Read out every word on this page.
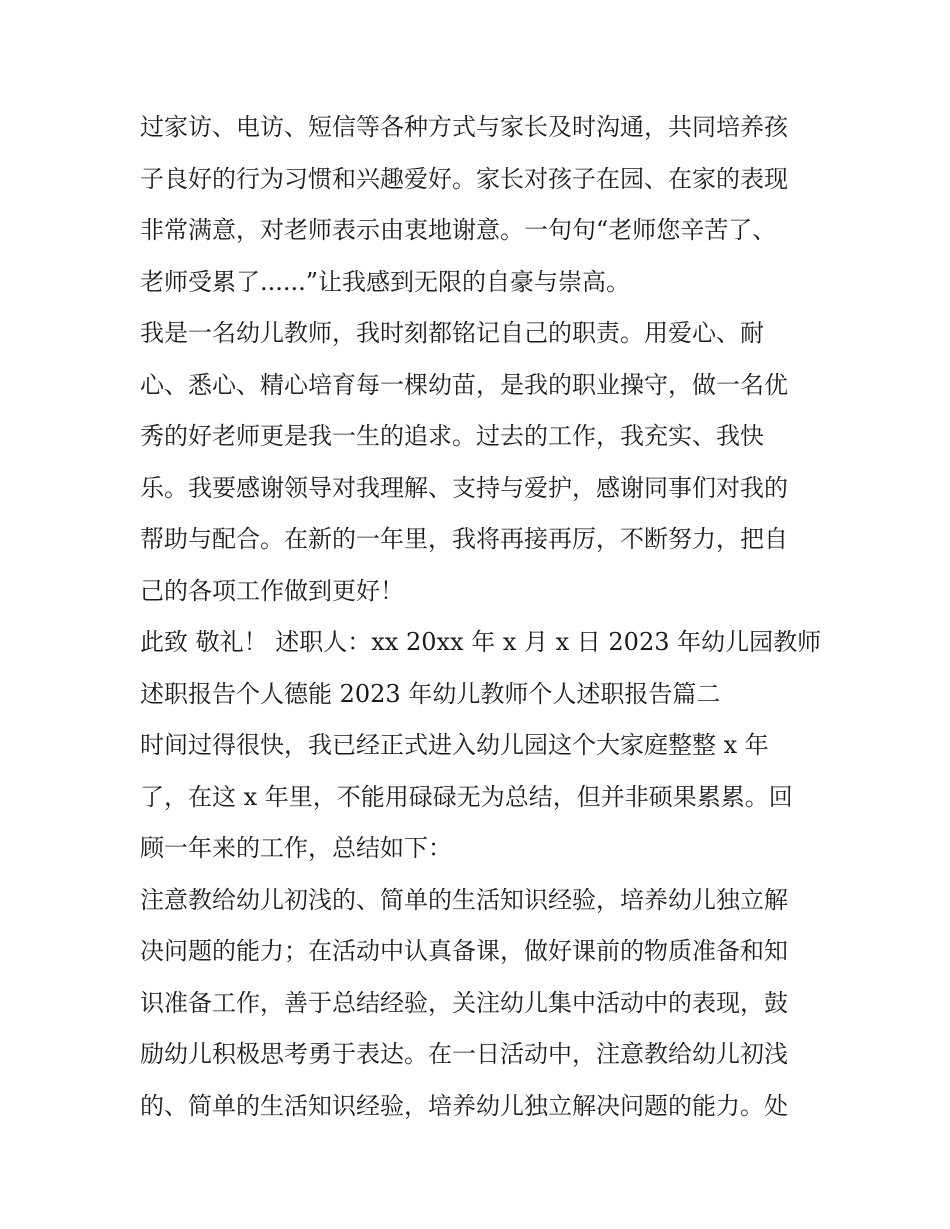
过家访、电访、短信等各种方式与家长及时沟通，共同培养孩

子良好的行为习惯和兴趣爱好。家长对孩子在园、在家的表现

非常满意，对老师表示由衷地谢意。一句句“老师您辛苦了、

老师受累了......”让我感到无限的自豪与崇高。

我是一名幼儿教师，我时刻都铭记自己的职责。用爱心、耐

心、悉心、精心培育每一棵幼苗，是我的职业操守，做一名优

秀的好老师更是我一生的追求。过去的工作，我充实、我快

乐。我要感谢领导对我理解、支持与爱护，感谢同事们对我的

帮助与配合。在新的一年里，我将再接再厉，不断努力，把自

己的各项工作做到更好！

此致 敬礼！ 述职人：xx 20xx 年 x 月 x 日 2023 年幼儿园教师

述职报告个人德能 2023 年幼儿教师个人述职报告篇二

时间过得很快，我已经正式进入幼儿园这个大家庭整整 x 年

了，在这 x 年里，不能用碌碌无为总结，但并非硕果累累。回

顾一年来的工作，总结如下：

注意教给幼儿初浅的、简单的生活知识经验，培养幼儿独立解

决问题的能力；在活动中认真备课，做好课前的物质准备和知

识准备工作，善于总结经验，关注幼儿集中活动中的表现，鼓

励幼儿积极思考勇于表达。在一日活动中，注意教给幼儿初浅

的、简单的生活知识经验，培养幼儿独立解决问题的能力。处
